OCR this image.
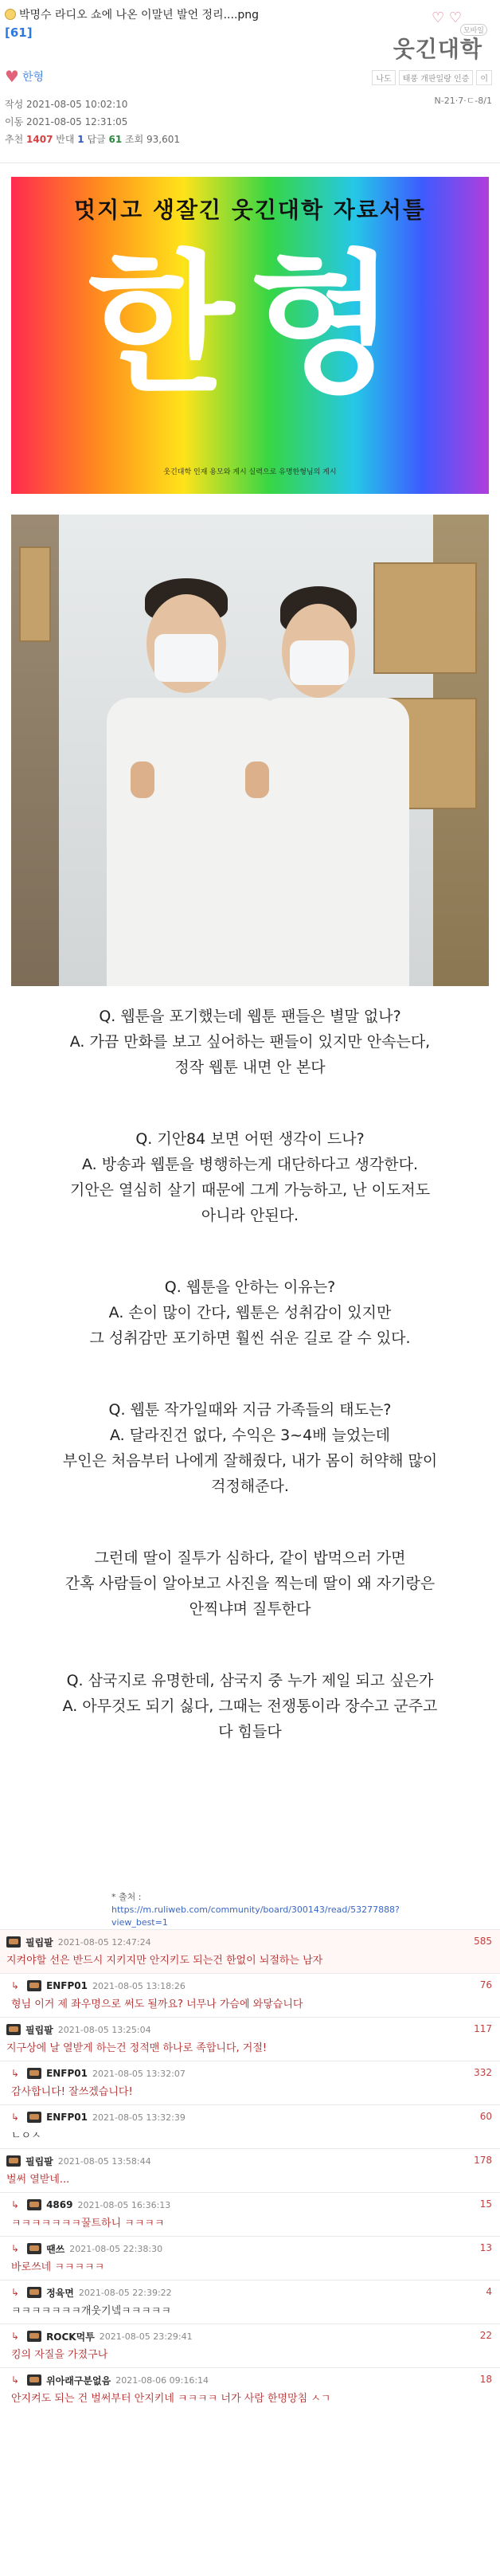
박명수 라디오 쇼에 나온 이말년 발언 정리....png
[61]
♥ 한형
작성 2021-08-05 10:02:10
이동 2021-08-05 12:31:05
추천 1407 반대 1 답글 61 조회 93,601
♡ ♡
모바일
웃긴대학
나도	태풍 개판일랑 인증	이
N-21·7·ㄷ-8/1
멋지고 생잘긴 웃긴대학 자료서틀
한형
웃긴대학 인재 용모와 게시 실력으로 유명한형님의 게시
Q. 웹툰을 포기했는데 웹툰 팬들은 별말 없나?
A. 가끔 만화를 보고 싶어하는 팬들이 있지만 안속는다,
정작 웹툰 내면 안 본다
Q. 기안84 보면 어떤 생각이 드나?
A. 방송과 웹툰을 병행하는게 대단하다고 생각한다.
기안은 열심히 살기 때문에 그게 가능하고, 난 이도저도
아니라 안된다.
Q. 웹툰을 안하는 이유는?
A. 손이 많이 간다, 웹툰은 성취감이 있지만
그 성취감만 포기하면 훨씬 쉬운 길로 갈 수 있다.
Q. 웹툰 작가일때와 지금 가족들의 태도는?
A. 달라진건 없다, 수익은 3~4배 늘었는데
부인은 처음부터 나에게 잘해줬다, 내가 몸이 허약해 많이
걱정해준다.
그런데 딸이 질투가 심하다, 같이 밥먹으러 가면
간혹 사람들이 알아보고 사진을 찍는데 딸이 왜 자기랑은
안찍냐며 질투한다
Q. 삼국지로 유명한데, 삼국지 중 누가 제일 되고 싶은가
A. 아무것도 되기 싫다, 그때는 전쟁통이라 장수고 군주고
다 힘들다
* 출처 : https://m.ruliweb.com/community/board/300143/read/53277888?view_best=1
필립팔 2021-08-05 12:47:24	585
지켜야할 선은 반드시 지키지만 안지키도 되는건 한없이 뇌절하는 남자
↳	ENFP01 2021-08-05 13:18:26	76
형님 이거 제 좌우명으로 써도 될까요? 너무나 가슴에 와닿습니다
필립팔 2021-08-05 13:25:04	117
지구상에 날 열받게 하는건 정적맨 하나로 족합니다, 거절!
↳	ENFP01 2021-08-05 13:32:07	332
감사합니다! 잘쓰겠습니다!
↳	ENFP01 2021-08-05 13:32:39	60
ㄴㅇㅅ
필립팔 2021-08-05 13:58:44	178
벌써 열받네...
↳	4869 2021-08-05 16:36:13	15
ㅋㅋㅋㅋㅋㅋㅋ꿀트하니 ㅋㅋㅋㅋ
↳	땐쓰 2021-08-05 22:38:30	13
바로쓰네 ㅋㅋㅋㅋㅋ
↳	정육면 2021-08-05 22:39:22	4
ㅋㅋㅋㅋㅋㅋㅋ개웃기넼ㅋㅋㅋㅋㅋ
↳	ROCK먹투 2021-08-05 23:29:41	22
킹의 자질을 가졌구나
↳	위아래구분없음 2021-08-06 09:16:14	18
안지켜도 되는 건 벌써부터 안지키네 ㅋㅋㅋㅋ 너가 사람 한명망침 ㅅㄱ
